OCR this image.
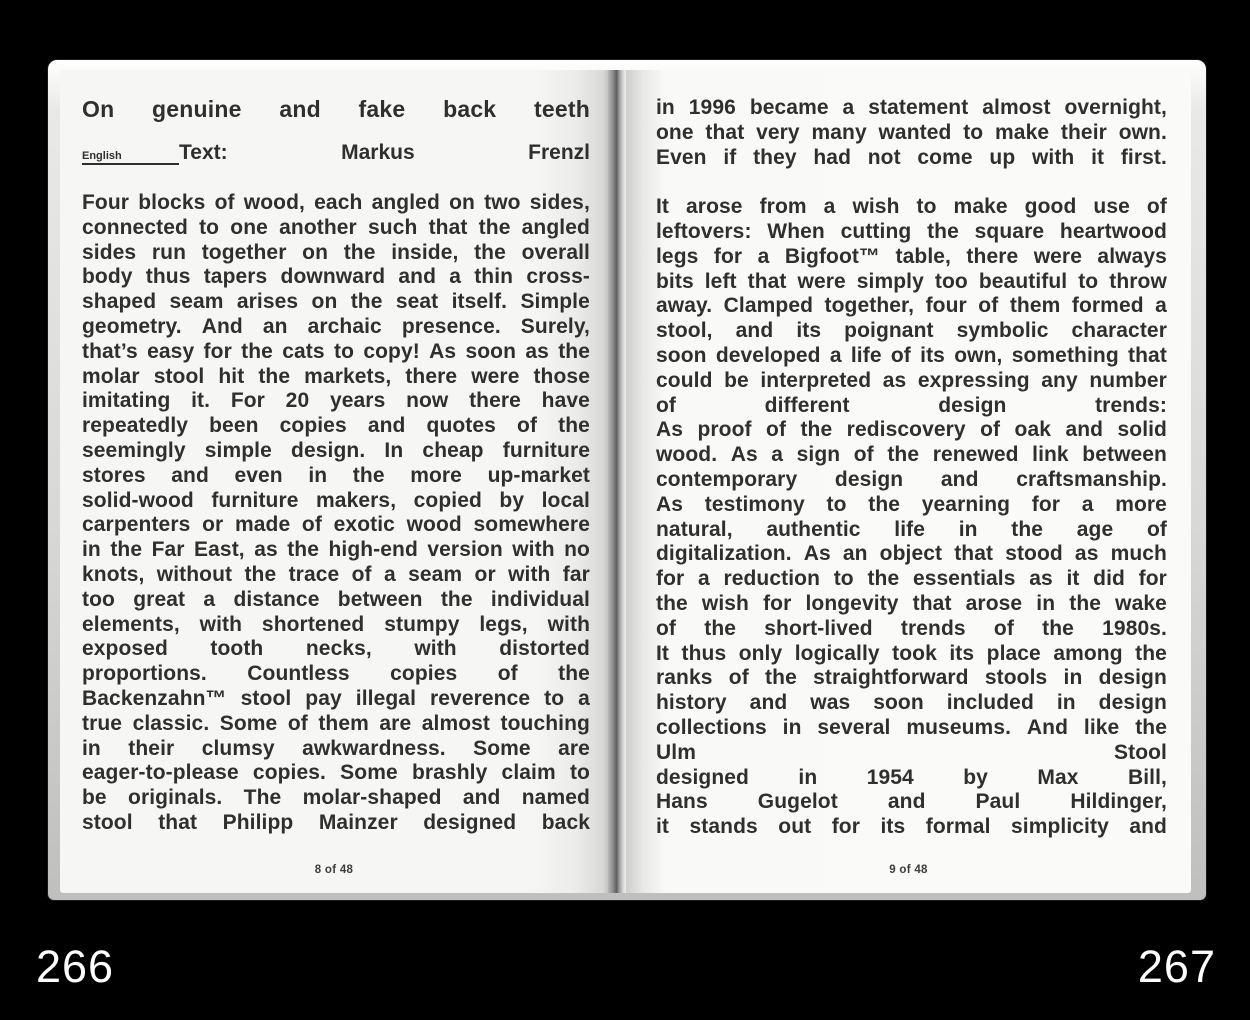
On genuine and fake back teeth
English	Text:	Markus	Frenzl
Four blocks of wood, each angled on two sides,
connected to one another such that the angled
sides run together on the inside, the overall
body thus tapers downward and a thin cross-
shaped seam arises on the seat itself. Simple
geometry. And an archaic presence. Surely,
that’s easy for the cats to copy! As soon as the
molar stool hit the markets, there were those
imitating it. For 20 years now there have
repeatedly been copies and quotes of the
seemingly simple design. In cheap furniture
stores and even in the more up-market
solid-wood furniture makers, copied by local
carpenters or made of exotic wood somewhere
in the Far East, as the high-end version with no
knots, without the trace of a seam or with far
too great a distance between the individual
elements, with shortened stumpy legs, with
exposed tooth necks, with distorted
proportions. Countless copies of the
Backenzahn™ stool pay illegal reverence to a
true classic. Some of them are almost touching
in their clumsy awkwardness. Some are
eager-to-please copies. Some brashly claim to
be originals. The molar-shaped and named
stool that Philipp Mainzer designed back
8 of 48
in 1996 became a statement almost overnight,
one that very many wanted to make their own.
Even if they had not come up with it first.
It arose from a wish to make good use of
leftovers: When cutting the square heartwood
legs for a Bigfoot™ table, there were always
bits left that were simply too beautiful to throw
away. Clamped together, four of them formed a
stool, and its poignant symbolic character
soon developed a life of its own, something that
could be interpreted as expressing any number
of	different	design	trends:
As proof of the rediscovery of oak and solid
wood. As a sign of the renewed link between
contemporary design and craftsmanship.
As testimony to the yearning for a more
natural, authentic life in the age of
digitalization. As an object that stood as much
for a reduction to the essentials as it did for
the wish for longevity that arose in the wake
of the short-lived trends of the 1980s.
It thus only logically took its place among the
ranks of the straightforward stools in design
history and was soon included in design
collections in several museums. And like the
Ulm	Stool
designed in 1954 by Max Bill,
Hans Gugelot and Paul Hildinger,
it stands out for its formal simplicity and
9 of 48
266	267
